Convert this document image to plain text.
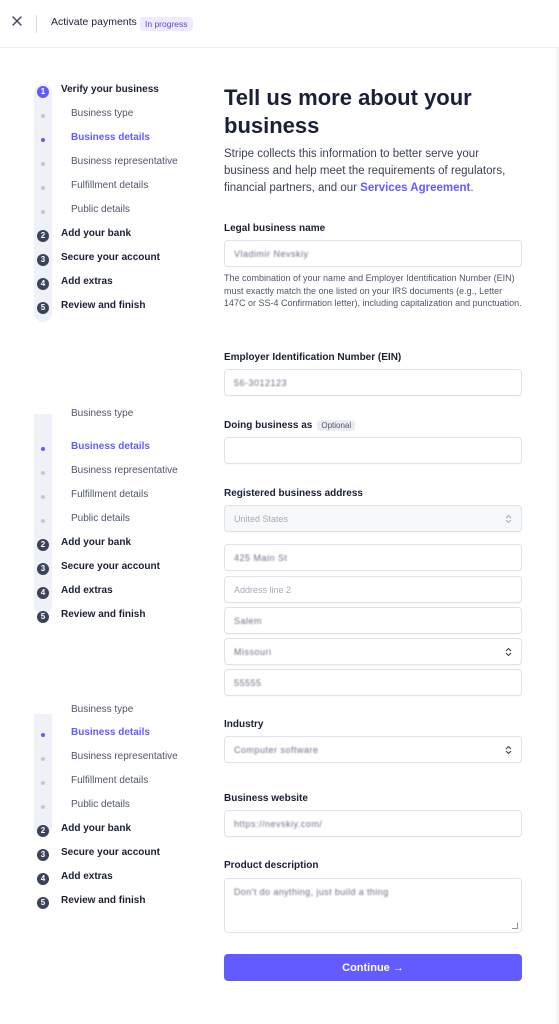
Activate payments In progress
1	Verify your business
Business type
Business details
Business representative
Fulfillment details
Public details
2	Add your bank
3	Secure your account
4	Add extras
5	Review and finish
Business type
Business details
Business representative
Fulfillment details
Public details
2	Add your bank
3	Secure your account
4	Add extras
5	Review and finish
Business type
Business details
Business representative
Fulfillment details
Public details
2	Add your bank
3	Secure your account
4	Add extras
5	Review and finish
Tell us more about your business

Stripe collects this information to better serve your business and help meet the requirements of regulators, financial partners, and our Services Agreement.

Legal business name
Vladimir Nevskiy
The combination of your name and Employer Identification Number (EIN) must exactly match the one listed on your IRS documents (e.g., Letter 147C or SS-4 Confirmation letter), including capitalization and punctuation.
Employer Identification Number (EIN)
56-3012123
Doing business as Optional
Registered business address
United States
425 Main St
Address line 2
Salem
Missouri
55555
Industry
Computer software
Business website
https://nevskiy.com/
Product description
Don't do anything, just build a thing
Continue →
